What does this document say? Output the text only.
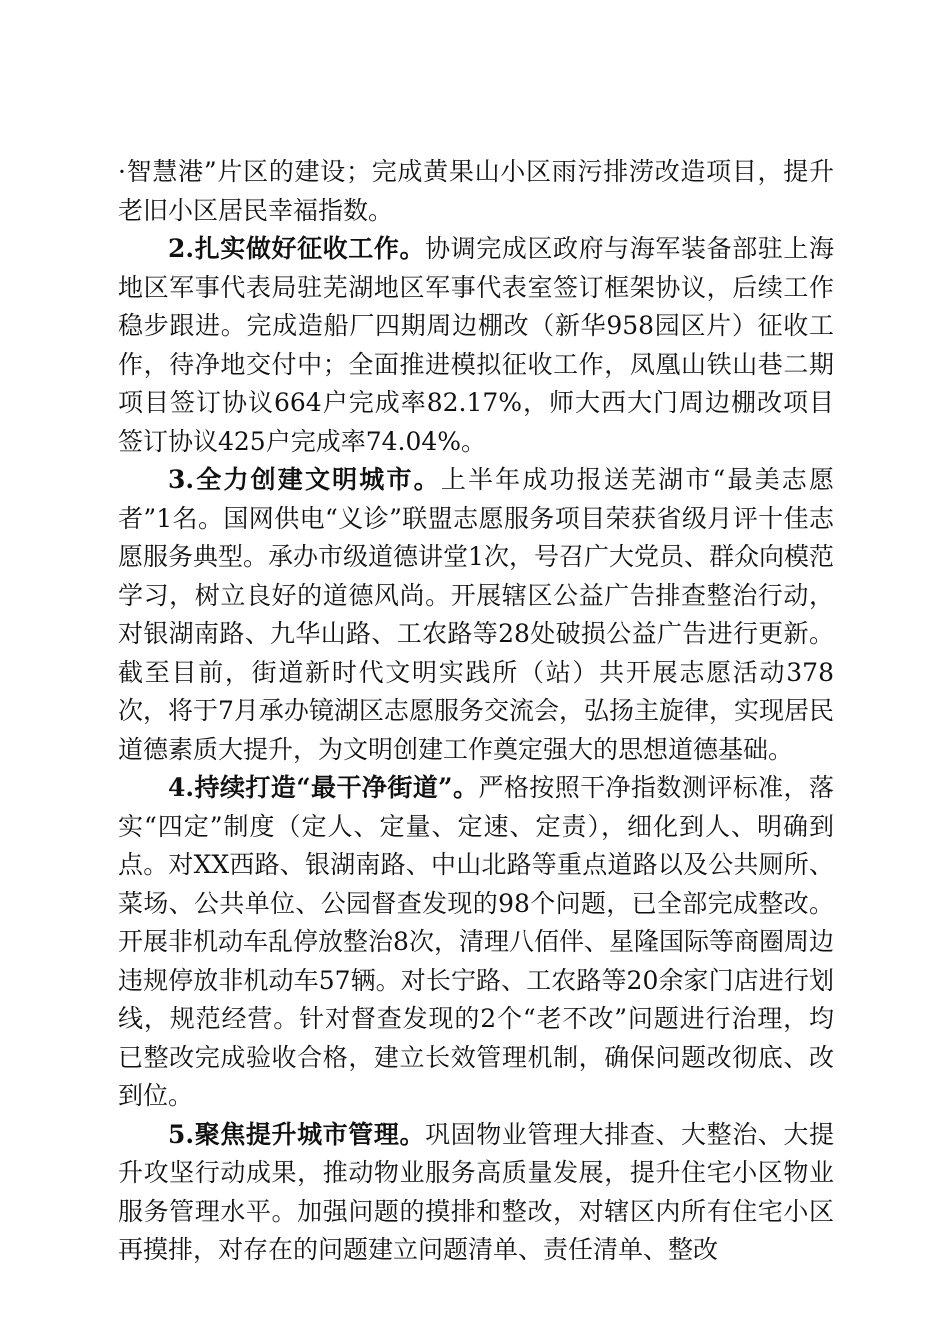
·智慧港”片区的建设；完成黄果山小区雨污排涝改造项目，提升老旧小区居民幸福指数。

2.扎实做好征收工作。协调完成区政府与海军装备部驻上海地区军事代表局驻芜湖地区军事代表室签订框架协议，后续工作稳步跟进。完成造船厂四期周边棚改（新华958园区片）征收工作，待净地交付中；全面推进模拟征收工作，凤凰山铁山巷二期项目签订协议664户完成率82.17%，师大西大门周边棚改项目签订协议425户完成率74.04%。

3.全力创建文明城市。上半年成功报送芜湖市“最美志愿者”1名。国网供电“义诊”联盟志愿服务项目荣获省级月评十佳志愿服务典型。承办市级道德讲堂1次，号召广大党员、群众向模范学习，树立良好的道德风尚。开展辖区公益广告排查整治行动，对银湖南路、九华山路、工农路等28处破损公益广告进行更新。截至目前，街道新时代文明实践所（站）共开展志愿活动378次，将于7月承办镜湖区志愿服务交流会，弘扬主旋律，实现居民道德素质大提升，为文明创建工作奠定强大的思想道德基础。

4.持续打造“最干净街道”。严格按照干净指数测评标准，落实“四定”制度（定人、定量、定速、定责），细化到人、明确到点。对XX西路、银湖南路、中山北路等重点道路以及公共厕所、菜场、公共单位、公园督查发现的98个问题，已全部完成整改。开展非机动车乱停放整治8次，清理八佰伴、星隆国际等商圈周边违规停放非机动车57辆。对长宁路、工农路等20余家门店进行划线，规范经营。针对督查发现的2个“老不改”问题进行治理，均已整改完成验收合格，建立长效管理机制，确保问题改彻底、改到位。

5.聚焦提升城市管理。巩固物业管理大排查、大整治、大提升攻坚行动成果，推动物业服务高质量发展，提升住宅小区物业服务管理水平。加强问题的摸排和整改，对辖区内所有住宅小区再摸排，对存在的问题建立问题清单、责任清单、整改
